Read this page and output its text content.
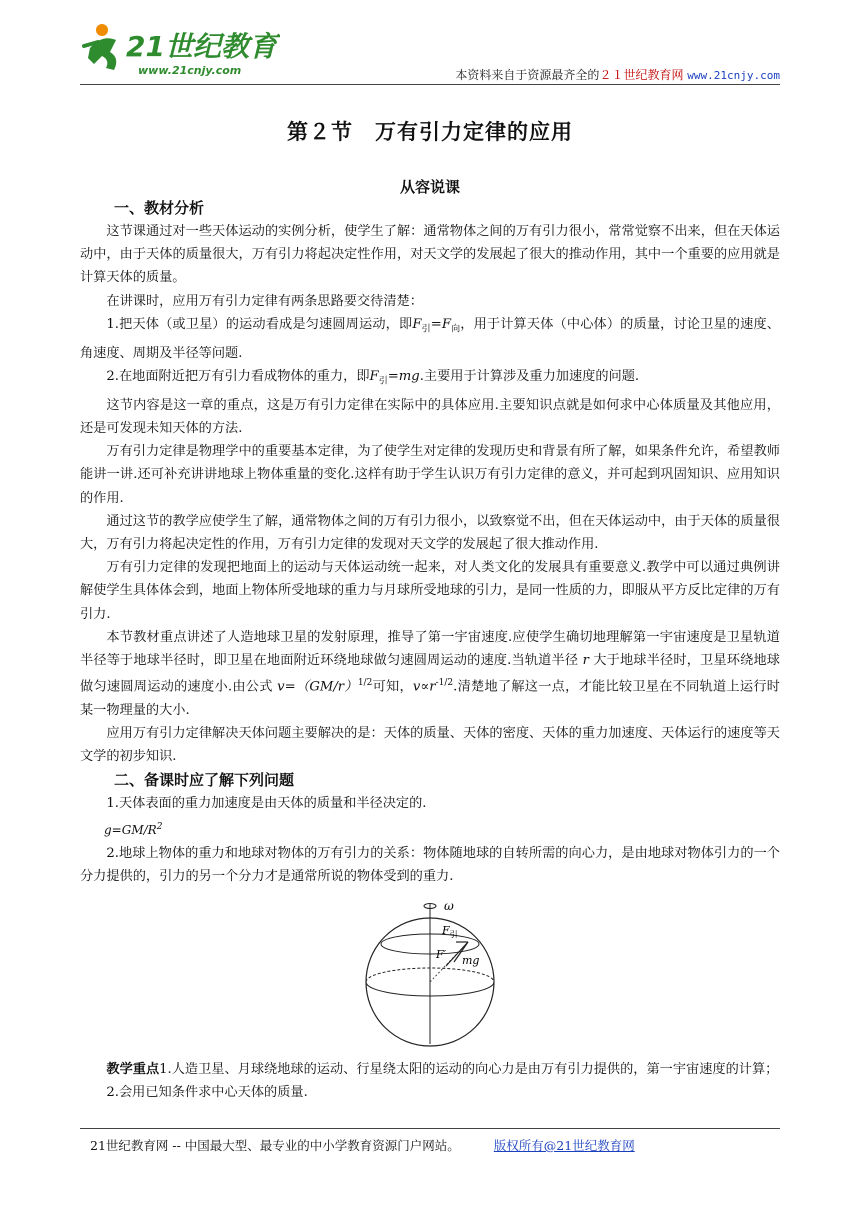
21世纪教育
www.21cnjy.com	本资料来自于资源最齐全的２１世纪教育网 www.21cnjy.com
第２节　万有引力定律的应用
从容说课

一、教材分析

这节课通过对一些天体运动的实例分析，使学生了解：通常物体之间的万有引力很小，常常觉察不出来，但在天体运动中，由于天体的质量很大，万有引力将起决定性作用，对天文学的发展起了很大的推动作用，其中一个重要的应用就是计算天体的质量。

在讲课时，应用万有引力定律有两条思路要交待清楚：

1.把天体（或卫星）的运动看成是匀速圆周运动，即$F_引=F_向$，用于计算天体（中心体）的质量，讨论卫星的速度、角速度、周期及半径等问题.

2.在地面附近把万有引力看成物体的重力，即$F_引=mg$.主要用于计算涉及重力加速度的问题.

这节内容是这一章的重点，这是万有引力定律在实际中的具体应用.主要知识点就是如何求中心体质量及其他应用，还是可发现未知天体的方法.

万有引力定律是物理学中的重要基本定律，为了使学生对定律的发现历史和背景有所了解，如果条件允许，希望教师能讲一讲.还可补充讲讲地球上物体重量的变化.这样有助于学生认识万有引力定律的意义，并可起到巩固知识、应用知识的作用.

通过这节的教学应使学生了解，通常物体之间的万有引力很小，以致察觉不出，但在天体运动中，由于天体的质量很大，万有引力将起决定性的作用，万有引力定律的发现对天文学的发展起了很大推动作用.

万有引力定律的发现把地面上的运动与天体运动统一起来，对人类文化的发展具有重要意义.教学中可以通过典例讲解使学生具体体会到，地面上物体所受地球的重力与月球所受地球的引力，是同一性质的力，即服从平方反比定律的万有引力.

本节教材重点讲述了人造地球卫星的发射原理，推导了第一宇宙速度.应使学生确切地理解第一宇宙速度是卫星轨道半径等于地球半径时，即卫星在地面附近环绕地球做匀速圆周运动的速度.当轨道半径 r 大于地球半径时，卫星环绕地球做匀速圆周运动的速度小.由公式 $v=(GM/r)^{1/2}$可知，$v\propto r^{-1/2}$.清楚地了解这一点，才能比较卫星在不同轨道上运行时某一物理量的大小.

应用万有引力定律解决天体问题主要解决的是：天体的质量、天体的密度、天体的重力加速度、天体运行的速度等天文学的初步知识.

二、备课时应了解下列问题

1.天体表面的重力加速度是由天体的质量和半径决定的.

$g=GM/R^2$

2.地球上物体的重力和地球对物体的万有引力的关系：物体随地球的自转所需的向心力，是由地球对物体引力的一个分力提供的，引力的另一个分力才是通常所说的物体受到的重力.

ω
$F_引$
F′ mg

教学重点1.人造卫星、月球绕地球的运动、行星绕太阳的运动的向心力是由万有引力提供的，第一宇宙速度的计算；

2.会用已知条件求中心天体的质量.

21世纪教育网 -- 中国最大型、最专业的中小学教育资源门户网站。	版权所有@21世纪教育网
